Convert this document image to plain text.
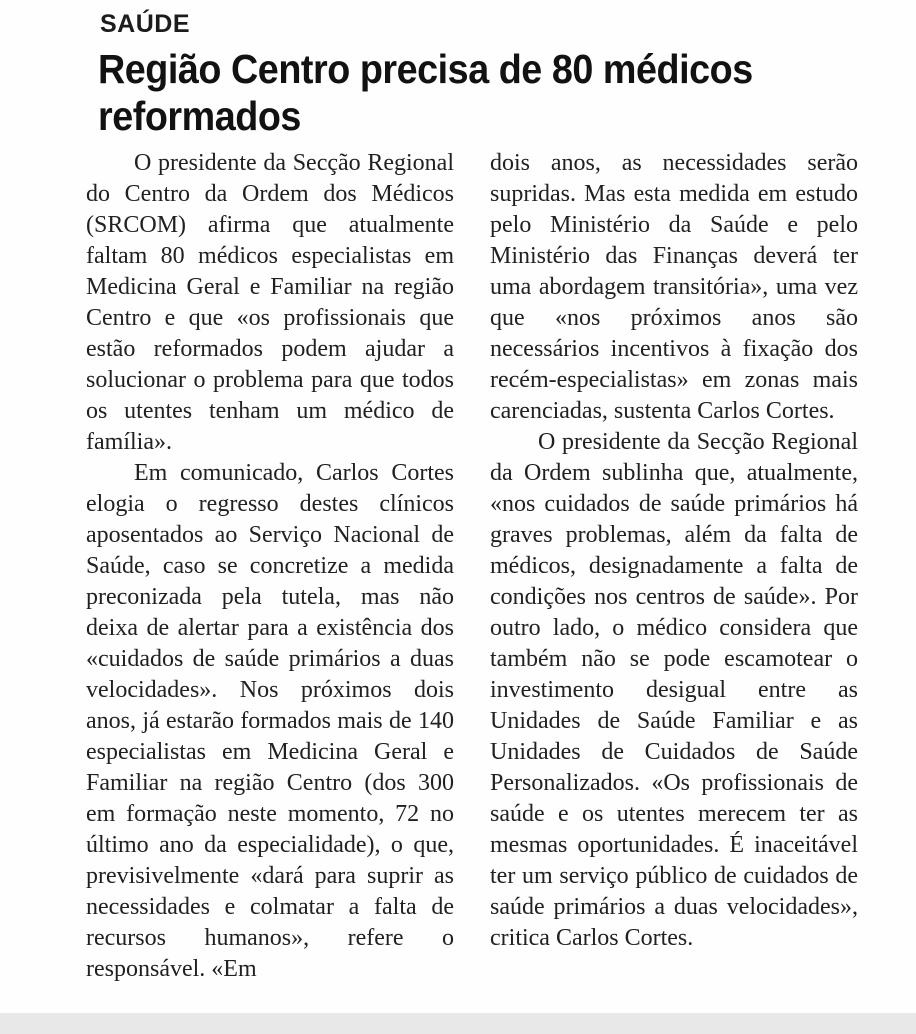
SAÚDE
Região Centro precisa de 80 médicos
reformados

O presidente da Secção Regional do Centro da Ordem dos Médicos (SRCOM) afirma que atualmente faltam 80 médicos especialistas em Medicina Geral e Familiar na região Centro e que «os profissionais que estão reformados podem ajudar a solucionar o problema para que todos os utentes tenham um médico de família».

Em comunicado, Carlos Cortes elogia o regresso destes clínicos aposentados ao Serviço Nacional de Saúde, caso se concretize a medida preconizada pela tutela, mas não deixa de alertar para a existência dos «cuidados de saúde primários a duas velocidades». Nos próximos dois anos, já estarão formados mais de 140 especialistas em Medicina Geral e Familiar na região Centro (dos 300 em formação neste momento, 72 no último ano da especialidade), o que, previsivelmente «dará para suprir as necessidades e colmatar a falta de recursos humanos», refere o responsável. «Em

dois anos, as necessidades serão supridas. Mas esta medida em estudo pelo Ministério da Saúde e pelo Ministério das Finanças deverá ter uma abordagem transitória», uma vez que «nos próximos anos são necessários incentivos à fixação dos recém-especialistas» em zonas mais carenciadas, sustenta Carlos Cortes.

O presidente da Secção Regional da Ordem sublinha que, atualmente, «nos cuidados de saúde primários há graves problemas, além da falta de médicos, designadamente a falta de condições nos centros de saúde». Por outro lado, o médico considera que também não se pode escamotear o investimento desigual entre as Unidades de Saúde Familiar e as Unidades de Cuidados de Saúde Personalizados. «Os profissionais de saúde e os utentes merecem ter as mesmas oportunidades. É inaceitável ter um serviço público de cuidados de saúde primários a duas velocidades», critica Carlos Cortes.
